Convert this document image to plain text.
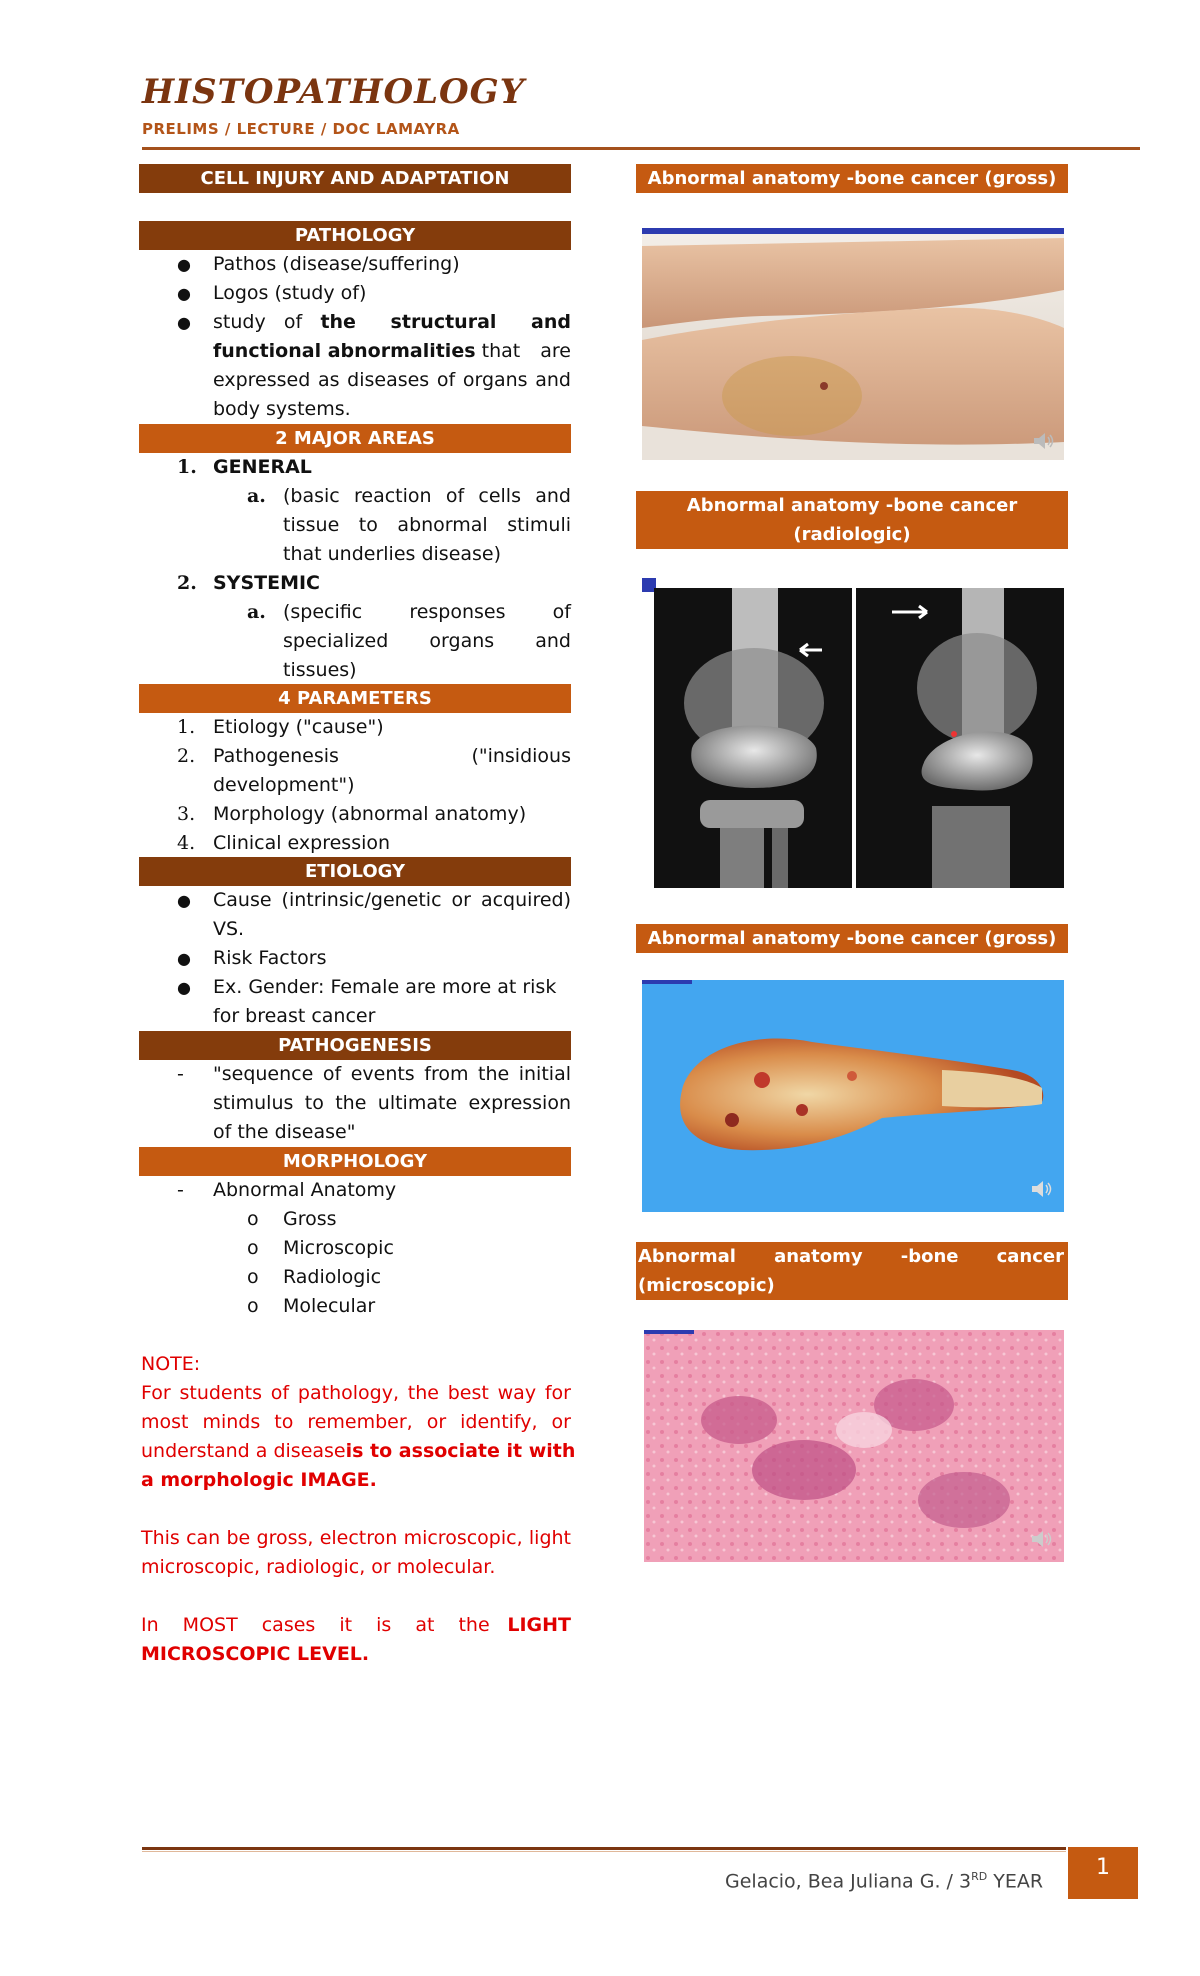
HISTOPATHOLOGY
PRELIMS / LECTURE / DOC LAMAYRA
CELL INJURY AND ADAPTATION
PATHOLOGY
● Pathos (disease/suffering)
● Logos (study of)
● study of the structural and
functional abnormalities that are
expressed as diseases of organs and
body systems.
2 MAJOR AREAS
1. GENERAL
a. (basic reaction of cells and
tissue to abnormal stimuli
that underlies disease)
2. SYSTEMIC
a. (specific responses of
specialized organs and
tissues)
4 PARAMETERS
1. Etiology ("cause")
2. Pathogenesis	("insidious
development")
3. Morphology (abnormal anatomy)
4. Clinical expression
ETIOLOGY
● Cause (intrinsic/genetic or acquired)
VS.
● Risk Factors
● Ex. Gender: Female are more at risk
for breast cancer
PATHOGENESIS
- "sequence of events from the initial
stimulus to the ultimate expression
of the disease"
MORPHOLOGY
- Abnormal Anatomy
o Gross
o Microscopic
o Radiologic
o Molecular
NOTE:
For students of pathology, the best way for
most minds to remember, or identify, or
understand a disease is to associate it with
a morphologic IMAGE.
This can be gross, electron microscopic, light
microscopic, radiologic, or molecular.
In MOST cases it is at the LIGHT
MICROSCOPIC LEVEL.
Abnormal anatomy -bone cancer (gross)
Abnormal anatomy -bone cancer
(radiologic)
Abnormal anatomy -bone cancer (gross)
Abnormal anatomy -bone cancer
(microscopic)
Gelacio, Bea Juliana G. / 3RD YEAR
1
